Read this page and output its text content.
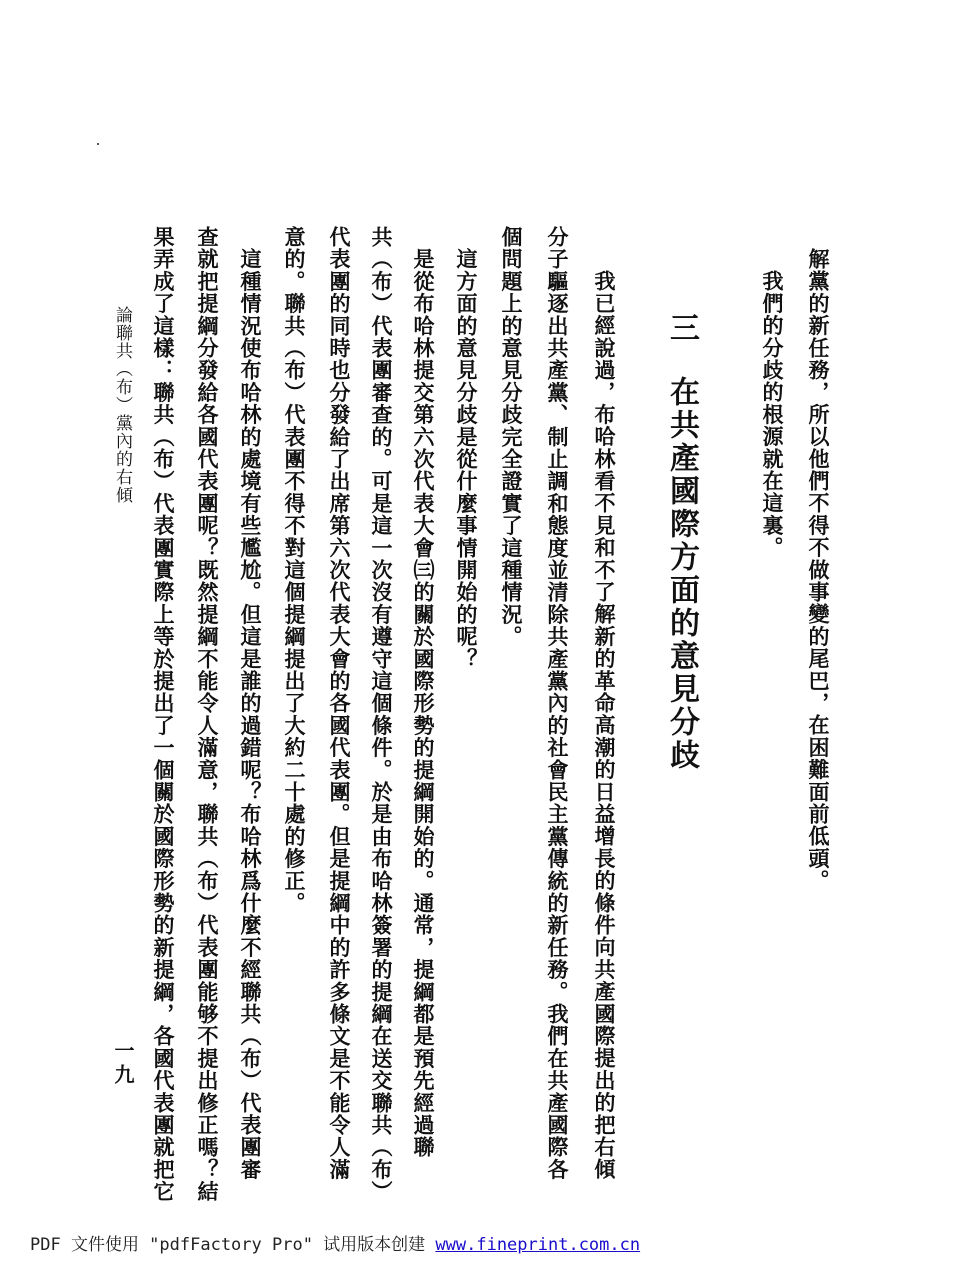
解黨的新任務，所以他們不得不做事變的尾巴，在困難面前低頭。
　我們的分歧的根源就在這裏。
三在共產國際方面的意見分歧
　我已經說過，布哈林看不見和不了解新的革命高潮的日益增長的條件向共產國際提出的把右傾
分子驅逐出共產黨、制止調和態度並清除共產黨內的社會民主黨傳統的新任務。我們在共產國際各
個問題上的意見分歧完全證實了這種情況。
　這方面的意見分歧是從什麼事情開始的呢？
　是從布哈林提交第六次代表大會㈢的關於國際形勢的提綱開始的。通常，提綱都是預先經過聯
共（布）代表團審查的。可是這一次沒有遵守這個條件。於是由布哈林簽署的提綱在送交聯共（布）
代表團的同時也分發給了出席第六次代表大會的各國代表團。但是提綱中的許多條文是不能令人滿
意的。聯共（布）代表團不得不對這個提綱提出了大約二十處的修正。
　這種情況使布哈林的處境有些尷尬。但這是誰的過錯呢？布哈林爲什麼不經聯共（布）代表團審
查就把提綱分發給各國代表團呢？既然提綱不能令人滿意，聯共（布）代表團能够不提出修正嗎？結
果弄成了這樣：聯共（布）代表團實際上等於提出了一個關於國際形勢的新提綱，各國代表團就把它
論聯共（布）黨內的右傾
一九
PDF 文件使用 "pdfFactory Pro" 试用版本创建 www.fineprint.com.cn
